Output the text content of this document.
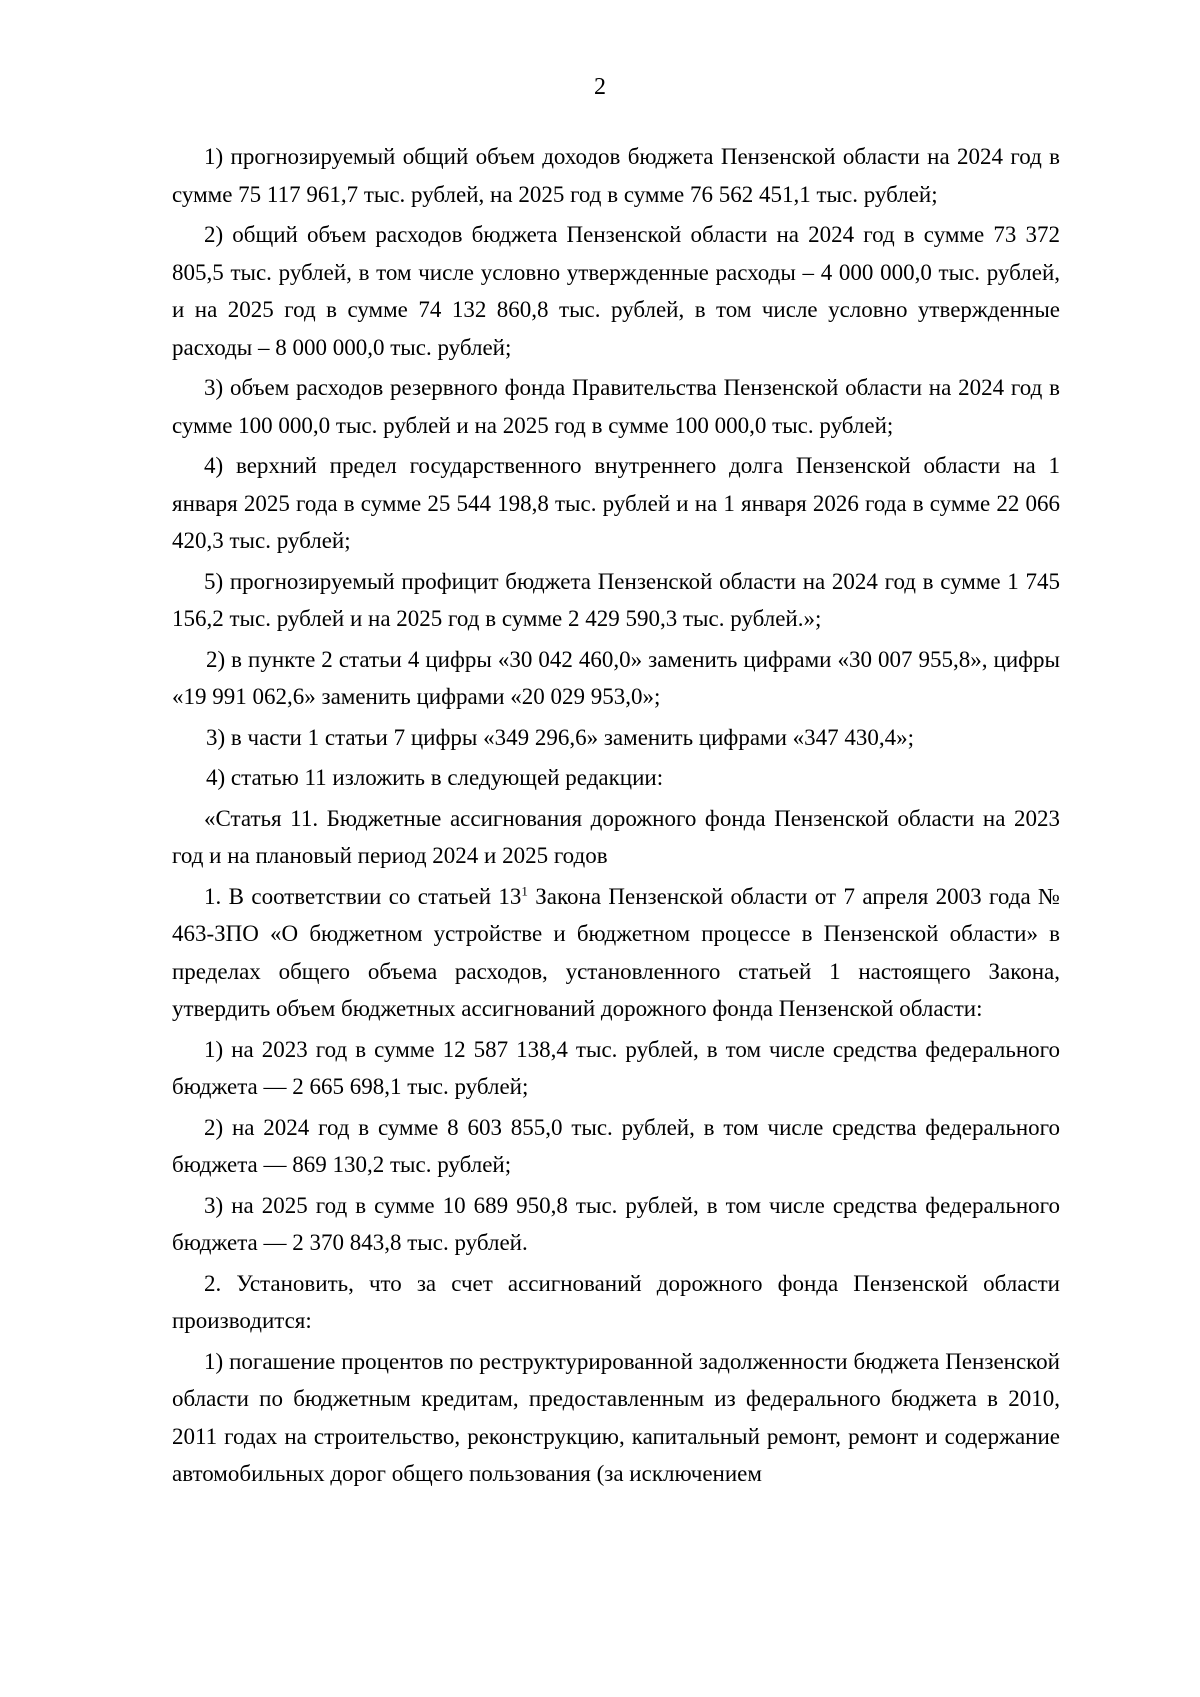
2

1) прогнозируемый общий объем доходов бюджета Пензенской области на 2024 год в сумме 75 117 961,7 тыс. рублей, на 2025 год в сумме 76 562 451,1 тыс. рублей;

2) общий объем расходов бюджета Пензенской области на 2024 год в сумме 73 372 805,5 тыс. рублей, в том числе условно утвержденные расходы – 4 000 000,0 тыс. рублей, и на 2025 год в сумме 74 132 860,8 тыс. рублей, в том числе условно утвержденные расходы – 8 000 000,0 тыс. рублей;

3) объем расходов резервного фонда Правительства Пензенской области на 2024 год в сумме 100 000,0 тыс. рублей и на 2025 год в сумме 100 000,0 тыс. рублей;

4) верхний предел государственного внутреннего долга Пензенской области на 1 января 2025 года в сумме 25 544 198,8 тыс. рублей и на 1 января 2026 года в сумме 22 066 420,3 тыс. рублей;

5) прогнозируемый профицит бюджета Пензенской области на 2024 год в сумме 1 745 156,2 тыс. рублей и на 2025 год в сумме 2 429 590,3 тыс. рублей.»;

2) в пункте 2 статьи 4 цифры «30 042 460,0» заменить цифрами «30 007 955,8», цифры «19 991 062,6» заменить цифрами «20 029 953,0»;

3) в части 1 статьи 7 цифры «349 296,6» заменить цифрами «347 430,4»;

4) статью 11 изложить в следующей редакции:

«Статья 11. Бюджетные ассигнования дорожного фонда Пензенской области на 2023 год и на плановый период 2024 и 2025 годов

1. В соответствии со статьей $13^1$ Закона Пензенской области от 7 апреля 2003 года № 463-ЗПО «О бюджетном устройстве и бюджетном процессе в Пензенской области» в пределах общего объема расходов, установленного статьей 1 настоящего Закона, утвердить объем бюджетных ассигнований дорожного фонда Пензенской области:

1) на 2023 год в сумме 12 587 138,4 тыс. рублей, в том числе средства федерального бюджета — 2 665 698,1 тыс. рублей;

2) на 2024 год в сумме 8 603 855,0 тыс. рублей, в том числе средства федерального бюджета — 869 130,2 тыс. рублей;

3) на 2025 год в сумме 10 689 950,8 тыс. рублей, в том числе средства федерального бюджета — 2 370 843,8 тыс. рублей.

2. Установить, что за счет ассигнований дорожного фонда Пензенской области производится:

1) погашение процентов по реструктурированной задолженности бюджета Пензенской области по бюджетным кредитам, предоставленным из федерального бюджета в 2010, 2011 годах на строительство, реконструкцию, капитальный ремонт, ремонт и содержание автомобильных дорог общего пользования (за исключением
